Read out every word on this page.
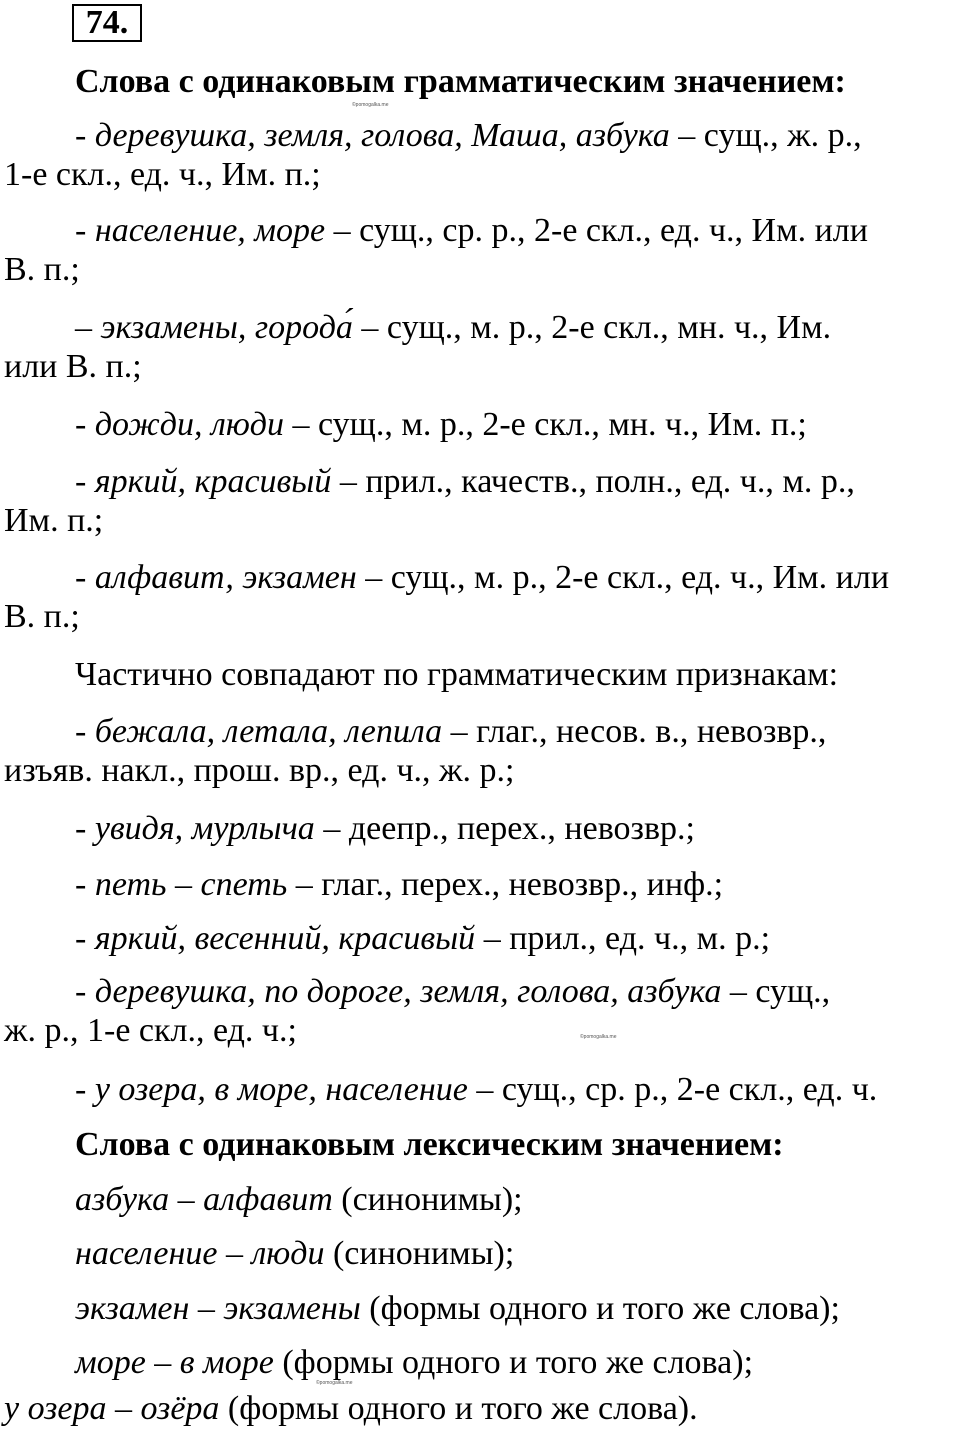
74.
Слова с одинаковым грамматическим значением:
©pomogalka.me
- деревушка, земля, голова, Маша, азбука – сущ., ж. р.,
1-е скл., ед. ч., Им. п.;
- население, море – сущ., ср. р., 2-е скл., ед. ч., Им. или
В. п.;
– экзамены, города́ – сущ., м. р., 2-е скл., мн. ч., Им.
или В. п.;
- дожди, люди – сущ., м. р., 2-е скл., мн. ч., Им. п.;
- яркий, красивый – прил., качеств., полн., ед. ч., м. р.,
Им. п.;
- алфавит, экзамен – сущ., м. р., 2-е скл., ед. ч., Им. или
В. п.;
Частично совпадают по грамматическим признакам:
- бежала, летала, лепила – глаг., несов. в., невозвр.,
изъяв. накл., прош. вр., ед. ч., ж. р.;
- увидя, мурлыча – деепр., перех., невозвр.;
- петь – спеть – глаг., перех., невозвр., инф.;
- яркий, весенний, красивый – прил., ед. ч., м. р.;
- деревушка, по дороге, земля, голова, азбука – сущ.,
ж. р., 1-е скл., ед. ч.;	©pomogalka.me
- у озера, в море, население – сущ., ср. р., 2-е скл., ед. ч.
Слова с одинаковым лексическим значением:
азбука – алфавит (синонимы);
население – люди (синонимы);
экзамен – экзамены (формы одного и того же слова);
море – в море (формы одного и того же слова);
©pomogalka.me
у озера – озёра (формы одного и того же слова).
